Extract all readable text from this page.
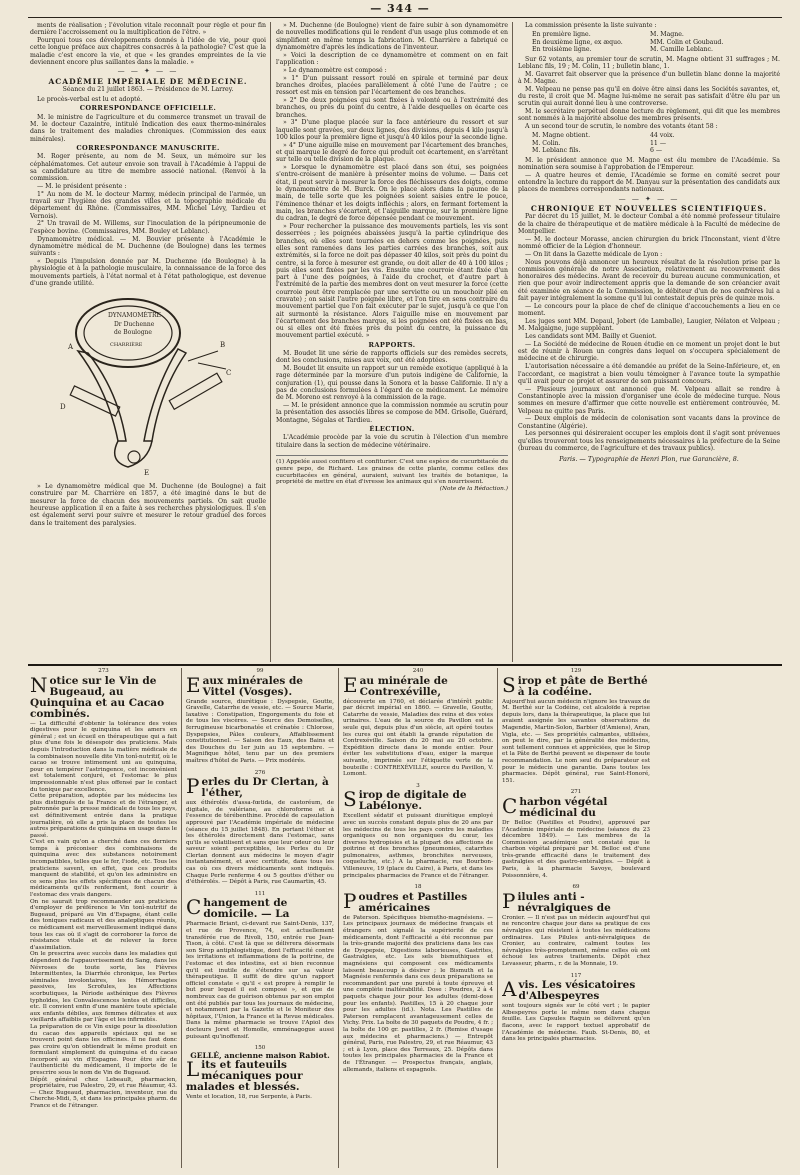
— 344 —

ments de réalisation ; l'évolution vitale reconnaît pour règle et pour fin dernière l'accroissement ou la multiplication de l'être. »

Pourquoi tous ces développements donnés à l'idée de vie, pour quoi cette longue préface aux chapitres consacrés à la pathologie? C'est que la maladie c'est encore la vie, et que « les grandes empreintes de la vie deviennent encore plus saillantes dans la maladie. »

— — ✦ — —
ACADÉMIE IMPÉRIALE DE MÉDECINE.
Séance du 21 juillet 1863. — Présidence de M. Larrey.

Le procès-verbal est lu et adopté.

CORRESPONDANCE OFFICIELLE.

M. le ministre de l'agriculture et du commerce transmet un travail de M. le docteur Cazaintre, intitulé Indication des eaux thermo-minérales dans le traitement des maladies chroniques. (Commission des eaux minérales).

CORRESPONDANCE MANUSCRITE.

M. Roger présente, au nom de M. Seux, un mémoire sur les céphalématomes. Cet auteur envoie son travail à l'Académie à l'appui de sa candidature au titre de membre associé national. (Renvoi à la commission.

— M. le président présente :

1° Au nom de M. le docteur Marmy, médecin principal de l'armée, un travail sur l'hygiène des grandes villes et la topographie médicale du département du Rhône. (Commissaires, MM. Michel Lévy, Tardieu et Vernois).

2° Un travail de M. Willems, sur l'inoculation de la péripneumonie de l'espèce bovine. (Commissaires, MM. Bouley et Leblanc).

Dynamomètre médical. — M. Bouvier présente à l'Académie le dynamomètre médical de M. Duchenne (de Boulogne) dans les termes suivants :

« Depuis l'impulsion donnée par M. Duchenne (de Boulogne) à la physiologie et à la pathologie musculaire, la connaissance de la force des mouvements partiels, à l'état normal et à l'état pathologique, est devenue d'une grande utilité.

DYNAMOMÈTRE
Dr Duchenne
de Boulogne
CHARRIÈRE
A	B
C
D
E

» Le dynamomètre médical que M. Duchenne (de Boulogne) a fait construire par M. Charrière en 1857, a été imaginé dans le but de mesurer la force de chacun des mouvements partiels. On sait quelle heureuse application il en a faite à ses recherches physiologiques. Il s'en est également servi pour suivre et mesurer le retour graduel des forces dans le traitement des paralysies.

» M. Duchenne (de Boulogne) vient de faire subir à son dynamomètre de nouvelles modifications qui le rendent d'un usage plus commode et en simplifient en même temps la fabrication. M. Charrière a fabriqué ce dynamomètre d'après les indications de l'inventeur.

» Voici la description de ce dynamomètre et comment on en fait l'application :

» Le dynamomètre est composé :

» 1° D'un puissant ressort roulé en spirale et terminé par deux branches droites, placées parallèlement à côté l'une de l'autre ; ce ressort est mis en tension par l'écartement de ces branches.

» 2° De deux poignées qui sont fixées à volonté ou à l'extrémité des branches, ou près du point du centre, à l'aide desquelles on écarte ces branches.

» 3° D'une plaque placée sur la face antérieure du ressort et sur laquelle sont gravées, sur deux lignes, des divisions, depuis 4 kilo jusqu'à 100 kilos pour la première ligne et jusqu'à 40 kilos pour la seconde ligne.

» 4° D'une aiguille mise en mouvement par l'écartement des branches, et qui marque le degré de force qui produit cet écartement, en s'arrêtant sur telle ou telle division de la plaque.

» Lorsque le dynamomètre est placé dans son étui, ses poignées s'entre-croisent de manière à présenter moins de volume. — Dans cet état, il peut servir à mesurer la force des fléchisseurs des doigts, comme le dynamomètre de M. Burck. On le place alors dans la paume de la main, de telle sorte que les poignées soient saisies entre le pouce, l'éminence thénar et les doigts infléchis ; alors, en fermant fortement la main, les branches s'écartent, et l'aiguille marque, sur la première ligne du cadran, le degré de force dépensée pendant ce mouvement.

» Pour rechercher la puissance des mouvements partiels, les vis sont desserrées ; les poignées abaissées jusqu'à la partie cylindrique des branches, où elles sont tournées en dehors comme les poignées, puis elles sont ramenées dans les parties carrées des branches, soit aux extrémités, si la force ne doit pas dépasser 40 kilos, soit près du point du centre, si la force à mesurer est grande, ou doit aller de 40 à 100 kilos ; puis elles sont fixées par les vis. Ensuite une courroie étant fixée d'un part à l'une des poignées, à l'aide du crochet, et d'autre part à l'extrémité de la partie des membres dont on veut mesurer la force (cette courroie peut être remplacée par une serviette ou un mouchoir plié en cravate) ; on saisit l'autre poignée libre, et l'on tire en sens contraire du mouvement partiel que l'on fait exécuter par le sujet, jusqu'à ce que l'on ait surmonté la résistance. Alors l'aiguille mise en mouvement par l'écartement des branches marque, si les poignées ont été fixées en bas, ou si elles ont été fixées près du point du centre, la puissance du mouvement partiel exécuté. »

RAPPORTS.

M. Boudet lit une série de rapports officiels sur des remèdes secrets, dont les conclusions, mises aux voix, ont été adoptées.

M. Boudet lit ensuite un rapport sur un remède exotique (appliqué à la rage déterminée par la morsure d'un putois indigène de Californie, la conjuration (1), qui pousse dans la Sonora et la basse Californie. Il n'y a pas de conclusions formulées à l'égard de ce médicament. Le mémoire de M. Moreno est renvoyé à la commission de la rage.

— M. le président annonce que la commission nommée au scrutin pour la présentation des associés libres se compose de MM. Grisolle, Guérard, Montagne, Ségalas et Tardieu.

ÉLECTION.

L'Académie procède par la voie du scrutin à l'élection d'un membre titulaire dans la section de médecine vétérinaire.

(1) Appelée aussi confitero et confiturier. C'est une espèce de cucurbitacée du genre pepo, de Richard. Les graines de cette plante, comme celles des cucurbitacées en général, auraient, suivant les traités de botanique, la propriété de mettre en état d'ivresse les animaux qui s'en nourrissent.
(Note de la Rédaction.)

La commission présente la liste suivante :

En première ligne.	M. Magne.
En deuxième ligne, ex æquo.	MM. Colin et Goubaud.
En troisième ligne.	M. Camille Leblanc.

Sur 62 votants, au premier tour de scrutin, M. Magne obtient 31 suffrages ; M. Leblanc fils, 19 ; M. Colin, 11 ; bulletin blanc, 1.

M. Gavarret fait observer que la présence d'un bulletin blanc donne la majorité à M. Magne.

M. Velpeau ne pense pas qu'il en doive être ainsi dans les Sociétés savantes, et, du reste, il croit que M. Magne lui-même ne serait pas satisfait d'être élu par un scrutin qui aurait donné lieu à une controverse.

M. le secrétaire perpétuel donne lecture du règlement, qui dit que les membres sont nommés à la majorité absolue des membres présents.

A un second tour de scrutin, le nombre des votants étant 58 :

M. Magne obtient.	44 voix.
M. Colin.	11 —
M. Leblanc fils.	6 —

M. le président annonce que M. Magne est élu membre de l'Académie. Sa nomination sera soumise à l'approbation de l'Empereur.

— A quatre heures et demie, l'Académie se forme en comité secret pour entendre la lecture du rapport de M. Danyau sur la présentation des candidats aux places de membres correspondants nationaux.

— — ✦ — —
CHRONIQUE ET NOUVELLES SCIENTIFIQUES.

Par décret du 15 juillet, M. le docteur Combal a été nommé professeur titulaire de la chaire de thérapeutique et de matière médicale à la Faculté de médecine de Montpellier.

— M. le docteur Morasse, ancien chirurgien du brick l'Inconstant, vient d'être nommé officier de la Légion d'honneur.

— On lit dans la Gazette médicale de Lyon :

Nous pouvons déjà annoncer un heureux résultat de la résolution prise par la commission générale de notre Association, relativement au recouvrement des honoraires des médecins. Avant de recevoir du bureau aucune communication, et rien que pour avoir indirectement appris que la demande de son créancier avait été examinée en séance de la Commission, le débiteur d'un de nos confrères lui a fait payer intégralement la somme qu'il lui contestait depuis près de quinze mois.

— Le concours pour la place de chef de clinique d'accouchements a lieu en ce moment.

Les juges sont MM. Depaul, Jobert (de Lamballe), Laugier, Nélaton et Velpeau ; M. Malgaigne, juge suppléant.

Les candidats sont MM. Bailly et Gueniot.

— La Société de médecine de Rouen étudie en ce moment un projet dont le but est de réunir à Rouen un congrès dans lequel on s'occupera spécialement de médecine et de chirurgie.

L'autorisation nécessaire a été demandée au préfet de la Seine-Inférieure, et, en l'accordant, ce magistrat a bien voulu témoigner à l'avance toute la sympathie qu'il avait pour ce projet et assurer de son puissant concours.

— Plusieurs journaux ont annoncé que M. Velpeau allait se rendre à Constantinople avec la mission d'organiser une école de médecine turque. Nous sommes en mesure d'affirmer que cette nouvelle est entièrement controuvée, M. Velpeau ne quitte pas Paris.

— Deux emplois de médecin de colonisation sont vacants dans la province de Constantine (Algérie).

Les personnes qui désireraient occuper les emplois dont il s'agit sont prévenues qu'elles trouveront tous les renseignements nécessaires à la préfecture de la Seine (bureau du commerce, de l'agriculture et des travaux publics).

Paris. — Typographie de Henri Plon, rue Garancière, 8.
273
Notice sur le Vin de Bugeaud, au Quinquina et au Cacao combinés.

— La difficulté d'obtenir la tolérance des voies digestives pour le quinquina et les amers en général ; est un écueil en thérapeutique qui a fait plus d'une fois le désespoir des praticiens. Mais depuis l'introduction dans la matière médicale de la combinaison nouvelle dite Vin tonî-nutritif, où le cacao se trouve intimement uni au quinquina, pour en tempérer l'astringence, cet inconvénient est totalement conjuré, et l'estomac le plus impressionnable n'est plus offensé par le contact du tonique par excellence.

Cette préparation, adoptée par les médecins les plus distingués de la France et de l'étranger, et patronnée par la presse médicale de tous les pays, est définitivement entrée dans la pratique journalière, où elle a pris la place de toutes les autres préparations de quinquina en usage dans le passé.

C'est en vain qu'on a cherché dans ces derniers temps à préconiser des combinaisons de quinquina avec des substances notoirement incompatibles, telles que le fer, l'iode, etc. Tous les praticiens savent, en effet, que ces produits manquent de stabilité, et qu'on les administre en ce sens plus les effets spécifiques de chacun des médicaments qu'ils renferment, font courir à l'estomac des vrais dangers.

On ne saurait trop recommander aux praticiens d'employer de préférence le Vin tonî-nutritif de Bugeaud, préparé au Vin d'Espagne, étant celle des toniques radicaux et des analeptiques réunis, ce médicament est merveilleusement indiqué dans tous les cas où il s'agit de corroborer la force de résistance vitale et de relever la force d'assimilation.

On le prescrira avec succès dans les maladies qui dépendent de l'appauvrissement du Sang, dans les Névroses de toute sorte, les Fièvres Intermittentes, la Diarrhée chronique, les Pertes séminales involontaires, les Hémorrhagies passives, les Scrofules, les Affections scorbutiques, la Période asthénique des Fièvres typhoïdes, les Convalescences lentes et difficiles, etc. Il convient enfin d'une manière toute spéciale aux enfants débiles, aux femmes délicates et aux vieillards affaiblis par l'âge et les infirmités.

La préparation de ce Vin exige pour la dissolution du cacao des appareils spéciaux qui ne se trouvent point dans les officines. Il ne faut donc pas croire qu'on obtiendrait le même produit en formulant simplement du quinquina et du cacao incorporé au vin d'Espagne. Pour être sûr de l'authenticité du médicament, il importe de le prescrire sous le nom de Vin de Bugeaud.

Dépôt général chez Lebeault, pharmacien, propriétaire, rue Palestro, 29, et rue Réaumur, 43. — Chez Bugeaud, pharmacien, inventeur, rue du Cherche-Midi, 5, et dans les principales pharm. de France et de l'étranger.

99
Eaux minérales de Vittel (Vosges).

Grande source, diurétique : Dyspepsie, Goutte, Gravelle, Catarrhe de vessie, etc. — Source Marie, laxative : Constipation, Engorgements du foie et de tous les viscères. — Source des Demoiselles, ferrugineuse bicarbonatée et crénatée : Chlorose, Dyspepsies, Pâles couleurs, Affaiblissement constitutionnel. — Saison des Eaux, des Bains et des Douches du 1er juin au 15 septembre. — Magnifique hôtel, tenu par un des premiers maîtres d'hôtel de Paris. — Prix modérés.

276
Perles du Dr Clertan, à l'éther,

aux éthérolés d'assa-fœtida, de castoréum, de digitale, de valériane, au chloroforme et à l'essence de térébenthine. Procédé de capsulation approuvé par l'Académie impériale de médecine (séance du 15 juillet 1848). En portant l'éther et les éthérolés directement dans l'estomac, sans qu'ils se volatilisent et sans que leur odeur ou leur saveur soient perceptibles, les Perles du Dr Clertan donnent aux médecins le moyen d'agir instantanément, et avec certitude, dans tous les cas où ces divers médicaments sont indiqués. Chaque Perle renferme 4 ou 5 gouttes d'éther ou d'éthérolés. — Dépôt à Paris, rue Caumartin, 45.

111
Changement de domicile. — La

Pharmacie Briant, ci-devant rue Saint-Denis, 137, et rue de Provence, 74, est actuellement transférée rue de Rivoli, 150, entrée rue Jean-Tison, à côté. C'est là que se délivrera désormais son Sirop antiphlogistique, dont l'efficacité contre les irritations et inflammations de la poitrine, de l'estomac et des intestins, est si bien reconnue qu'il est inutile de s'étendre sur sa valeur thérapeutique. Il suffit de dire qu'un rapport officiel constate « qu'il « est propre à remplir le but pour lequel il est composé », et que de nombreux cas de guérison obtenus par son emploi ont été publiés par tous les journaux de médecine, et notamment par la Gazette et le Moniteur des hôpitaux, l'Union, la France et la Revue médicales. Dans la même pharmacie se trouve l'Apiol des docteurs Joret et Homolle, emménagogue aussi puissant qu'inoffensif.

150
GELLÉ, ancienne maison Rabiot.
Lits et fauteuils mécaniques pour malades et blessés.

Vente et location, 18, rue Serpente, à Paris.

240
Eau minérale de Contrexéville,

découverte en 1760, et déclarée d'intérêt public par décret impérial en 1860. — Gravelle, Goutte, Catarrhe de vessie, Maladies des reins et des voies urinaires. L'eau de la source du Pavillon est la seule qui, depuis plus d'un siècle, ait opéré toutes les cures qui ont établi la grande réputation de Contrexéville. Saison du 20 mai au 20 octobre. Expédition directe dans le monde entier. Pour éviter les substitutions d'eau, exiger la marque suivante, imprimée sur l'étiquette verte de la bouteille : CONTREXÉVILLE, source du Pavillon, V. Lomont.

3
Sirop de digitale de Labélonye.

Excellent sédatif et puissant diurétique employé avec un succès constant depuis plus de 20 ans par les médecins de tous les pays contre les maladies organiques ou non organiques du cœur, les diverses hydropisies et la plupart des affections de poitrine et des bronches (pneumonies, catarrhes pulmonaires, asthmes, bronchites nerveuses, coqueluche, etc.) A la pharmacie, rue Bourbon-Villeneuve, 19 (place du Caire), à Paris, et dans les principales pharmacies de France et de l'étranger.

18
Poudres et Pastilles américaines

de Paterson. Spécifiques bismutho-magnésiens. — Les principaux journaux de médecine français et étrangers ont signalé la supériorité de ces médicaments, dont l'efficacité a été reconnue par la très-grande majorité des praticiens dans les cas de Dyspepsie, Digestions laborieuses, Gastrites, Gastralgies, etc. Les sels bismuthiques et magnésiens qui composent ces médicaments laissent beaucoup à désirer ; le Bismuth et la Magnésie renfermés dans ces deux préparations se recommandent par une pureté à toute épreuve et une complète inaltérabilité. Dose : Poudres, 2 à 4 paquets chaque jour pour les adultes (demi-dose pour les enfants). Pastilles, 15 à 20 chaque jour pour les adultes (id.). Nota. Les Pastilles de Paterson remplacent avantageusement celles de Vichy. Prix. La boîte de 30 paquets de Poudre, 4 fr. ; la boîte de 100 gr. pastilles, 2 fr. (Remise d'usage aux médecins et pharmaciens.) — Entrepôt général, Paris, rue Palestro, 29, et rue Réaumur, 43 ; et à Lyon, place des Terreaux, 25. Dépôts dans toutes les principales pharmacies de la France et de l'Étranger. — Prospectus français, anglais, allemands, italiens et espagnols.

129
Sirop et pâte de Berthé à la codéine.

Aujourd'hui aucun médecin n'ignore les travaux de M. Berthé sur la Codéine, cet alcaloïde à reprise depuis lors, dans la thérapeutique, la place que lui avaient assignée les savantes observations de Magendie, Martin-Solon, Barbier (d'Amiens), Aran, Vigla, etc. — Ses propriétés calmantes, utilisées, on peut le dire, par la généralité des médecins, sont tellement connues et appréciées, que le Sirop et la Pâte de Berthé peuvent se dispenser de toute recommandation. Le nom seul du préparateur est pour le médecin une garantie. Dans toutes les pharmacies. Dépôt général, rue Saint-Honoré, 151.

271
Charbon végétal médicinal du

Dr Belloc (Pastilles et Poudre), approuvé par l'Académie impériale de médecine (séance du 23 décembre 1849). — Les membres de la Commission académique ont constaté que le charbon végétal préparé par M. Belloc est d'une très-grande efficacité dans le traitement des gastralgies et des gastro-entéralgies. — Dépôt à Paris, à la pharmacie Savoye, boulevard Poissonnière, 4.

69
Pilules anti - névralgiques de

Cronier. — Il n'est pas un médecin aujourd'hui qui ne rencontre chaque jour dans sa pratique de ces névralgies qui résistent à toutes les médications ordinaires. Les Pilules anti-névralgiques de Cronier, au contraire, calment toutes les névralgies très-promptement, même celles où ont échoué les autres traitements. Dépôt chez Levasseur, pharm., r. de la Monnaie, 19.

117
Avis. Les vésicatoires d'Albespeyres

sont toujours signés sur le côté vert ; le papier Albespeyres porte le même nom dans chaque feuille. Les Capsules Raquin se délivrent qu'en flacons, avec le rapport textuel approbatif de l'Académie de médecine. Faub. St-Denis, 80, et dans les principales pharmacies.
